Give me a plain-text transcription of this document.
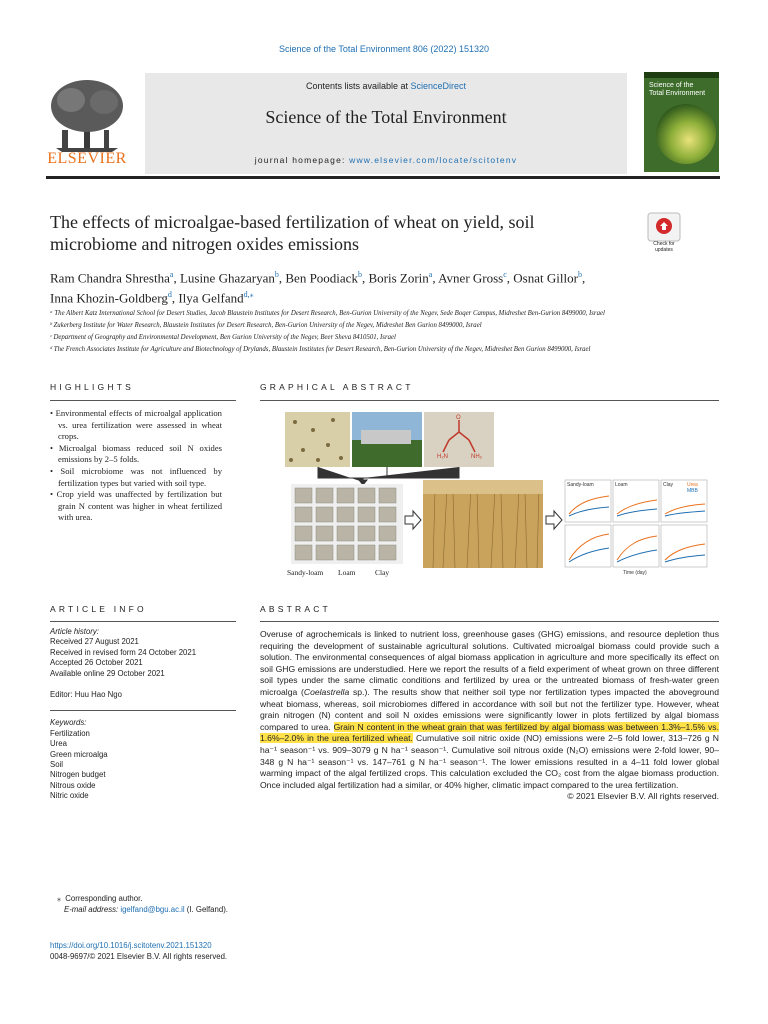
Science of the Total Environment 806 (2022) 151320
ELSEVIER
Contents lists available at ScienceDirect
Science of the Total Environment
journal homepage: www.elsevier.com/locate/scitotenv
Science of the
Total Environment
The effects of microalgae-based fertilization of wheat on yield, soil microbiome and nitrogen oxides emissions	Check for updates
Ram Chandra Shrestha$^a$, Lusine Ghazaryan$^b$, Ben Poodiack$^b$, Boris Zorin$^a$, Avner Gross$^c$, Osnat Gillor$^b$,
Inna Khozin-Goldberg$^d$, Ilya Gelfand$^{d,⁎}$
ᵃ The Albert Katz International School for Desert Studies, Jacob Blaustein Institutes for Desert Research, Ben-Gurion University of the Negev, Sede Boqer Campus, Midreshet Ben-Gurion 8499000, Israel
ᵇ Zukerberg Institute for Water Research, Blaustein Institutes for Desert Research, Ben-Gurion University of the Negev, Midreshet Ben Gurion 8499000, Israel
ᶜ Department of Geography and Environmental Development, Ben Gurion University of the Negev, Beer Sheva 8410501, Israel
ᵈ The French Associates Institute for Agriculture and Biotechnology of Drylands, Blaustein Institutes for Desert Research, Ben-Gurion University of the Negev, Midreshet Ben Gurion 8499000, Israel
HIGHLIGHTS
• Environmental effects of microalgal application vs. urea fertilization were assessed in wheat crops.
• Microalgal biomass reduced soil N oxides emissions by 2–5 folds.
• Soil microbiome was not influenced by fertilization types but varied with soil type.
• Crop yield was unaffected by fertilization but grain N content was higher in wheat fertilized with urea.
GRAPHICAL ABSTRACT
O
H₂N	NH₂
Sandy-loam Loam	Clay
Sandy-loam	Loam	Clay	Urea
MBB
Time (day)
ARTICLE INFO
Article history:
Received 27 August 2021
Received in revised form 24 October 2021
Accepted 26 October 2021
Available online 29 October 2021
Editor: Huu Hao Ngo
Keywords:
Fertilization
Urea
Green microalga
Soil
Nitrogen budget
Nitrous oxide
Nitric oxide
ABSTRACT
Overuse of agrochemicals is linked to nutrient loss, greenhouse gases (GHG) emissions, and resource depletion thus requiring the development of sustainable agricultural solutions. Cultivated microalgal biomass could provide such a solution. The environmental consequences of algal biomass application in agriculture and more specifically its effect on soil GHG emissions are understudied. Here we report the results of a field experiment of wheat grown on three different soil types under the same climatic conditions and fertilized by urea or the untreated biomass of fresh-water green microalga (Coelastrella sp.). The results show that neither soil type nor fertilization types impacted the aboveground wheat biomass, whereas, soil microbiomes differed in accordance with soil but not the fertilizer type. However, wheat grain nitrogen (N) content and soil N oxides emissions were significantly lower in plots fertilized by algal biomass compared to urea. Grain N content in the wheat grain that was fertilized by algal biomass was between 1.3%–1.5% vs. 1.6%–2.0% in the urea fertilized wheat. Cumulative soil nitric oxide (NO) emissions were 2–5 fold lower, 313–726 g N ha⁻¹ season⁻¹ vs. 909–3079 g N ha⁻¹ season⁻¹. Cumulative soil nitrous oxide (N₂O) emissions were 2-fold lower, 90–348 g N ha⁻¹ season⁻¹ vs. 147–761 g N ha⁻¹ season⁻¹. The lower emissions resulted in a 4–11 fold lower global warming impact of the algal fertilized crops. This calculation excluded the CO₂ cost from the algae biomass production. Once included algal fertilization had a similar, or 40% higher, climatic impact compared to the urea fertilization.
© 2021 Elsevier B.V. All rights reserved.
⁎ Corresponding author.
E-mail address: igelfand@bgu.ac.il (I. Gelfand).
https://doi.org/10.1016/j.scitotenv.2021.151320
0048-9697/© 2021 Elsevier B.V. All rights reserved.
